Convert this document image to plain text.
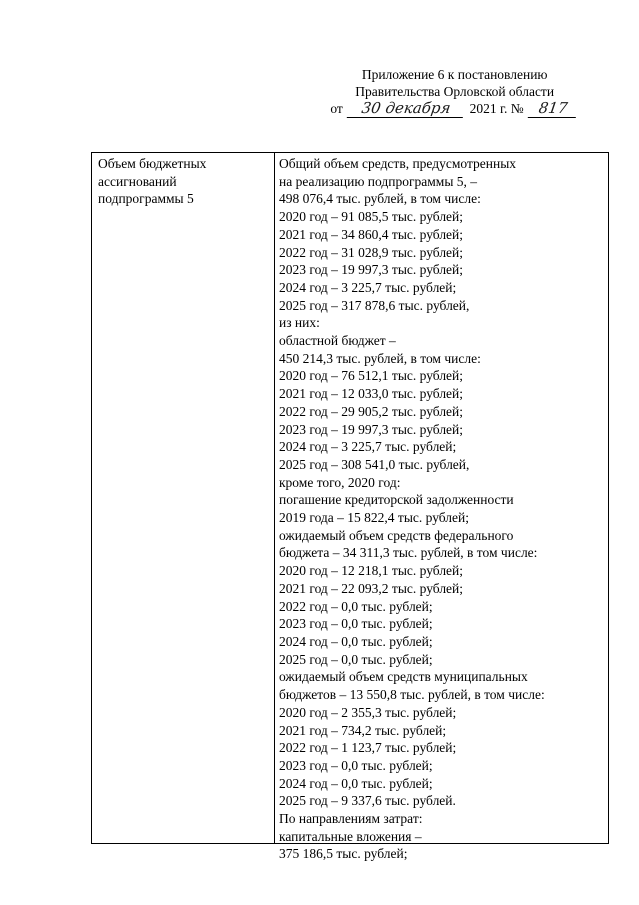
Приложение 6 к постановлению
Правительства Орловской области
от 30 декабря 2021 г. № 817
Объем бюджетных
ассигнований
подпрограммы 5
Общий объем средств, предусмотренных
на реализацию подпрограммы 5, –
498 076,4 тыс. рублей, в том числе:
2020 год – 91 085,5 тыс. рублей;
2021 год – 34 860,4 тыс. рублей;
2022 год – 31 028,9 тыс. рублей;
2023 год – 19 997,3 тыс. рублей;
2024 год – 3 225,7 тыс. рублей;
2025 год – 317 878,6 тыс. рублей,
из них:
областной бюджет –
450 214,3 тыс. рублей, в том числе:
2020 год – 76 512,1 тыс. рублей;
2021 год – 12 033,0 тыс. рублей;
2022 год – 29 905,2 тыс. рублей;
2023 год – 19 997,3 тыс. рублей;
2024 год – 3 225,7 тыс. рублей;
2025 год – 308 541,0 тыс. рублей,
кроме того, 2020 год:
погашение кредиторской задолженности
2019 года – 15 822,4 тыс. рублей;
ожидаемый объем средств федерального
бюджета – 34 311,3 тыс. рублей, в том числе:
2020 год – 12 218,1 тыс. рублей;
2021 год – 22 093,2 тыс. рублей;
2022 год – 0,0 тыс. рублей;
2023 год – 0,0 тыс. рублей;
2024 год – 0,0 тыс. рублей;
2025 год – 0,0 тыс. рублей;
ожидаемый объем средств муниципальных
бюджетов – 13 550,8 тыс. рублей, в том числе:
2020 год – 2 355,3 тыс. рублей;
2021 год – 734,2 тыс. рублей;
2022 год – 1 123,7 тыс. рублей;
2023 год – 0,0 тыс. рублей;
2024 год – 0,0 тыс. рублей;
2025 год – 9 337,6 тыс. рублей.
По направлениям затрат:
капитальные вложения –
375 186,5 тыс. рублей;
